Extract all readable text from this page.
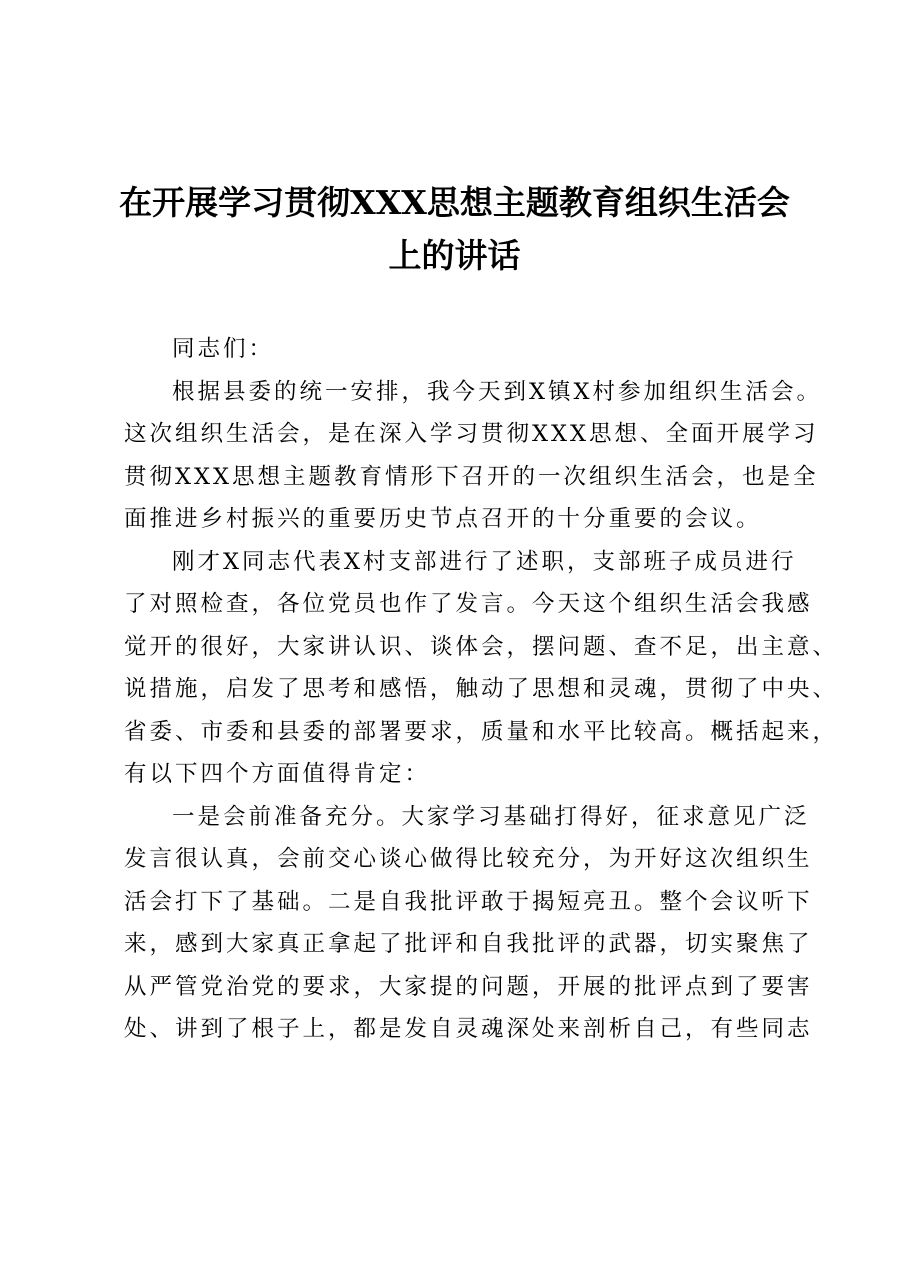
在开展学习贯彻XXX思想主题教育组织生活会
上的讲话

同志们：

根据县委的统一安排，我今天到X镇X村参加组织生活会。
这次组织生活会，是在深入学习贯彻XXX思想、全面开展学习
贯彻XXX思想主题教育情形下召开的一次组织生活会，也是全
面推进乡村振兴的重要历史节点召开的十分重要的会议。

刚才X同志代表X村支部进行了述职，支部班子成员进行
了对照检查，各位党员也作了发言。今天这个组织生活会我感
觉开的很好，大家讲认识、谈体会，摆问题、查不足，出主意、
说措施，启发了思考和感悟，触动了思想和灵魂，贯彻了中央、
省委、市委和县委的部署要求，质量和水平比较高。概括起来，
有以下四个方面值得肯定：

一是会前准备充分。大家学习基础打得好，征求意见广泛
发言很认真，会前交心谈心做得比较充分，为开好这次组织生
活会打下了基础。二是自我批评敢于揭短亮丑。整个会议听下
来，感到大家真正拿起了批评和自我批评的武器，切实聚焦了
从严管党治党的要求，大家提的问题，开展的批评点到了要害
处、讲到了根子上，都是发自灵魂深处来剖析自己，有些同志
